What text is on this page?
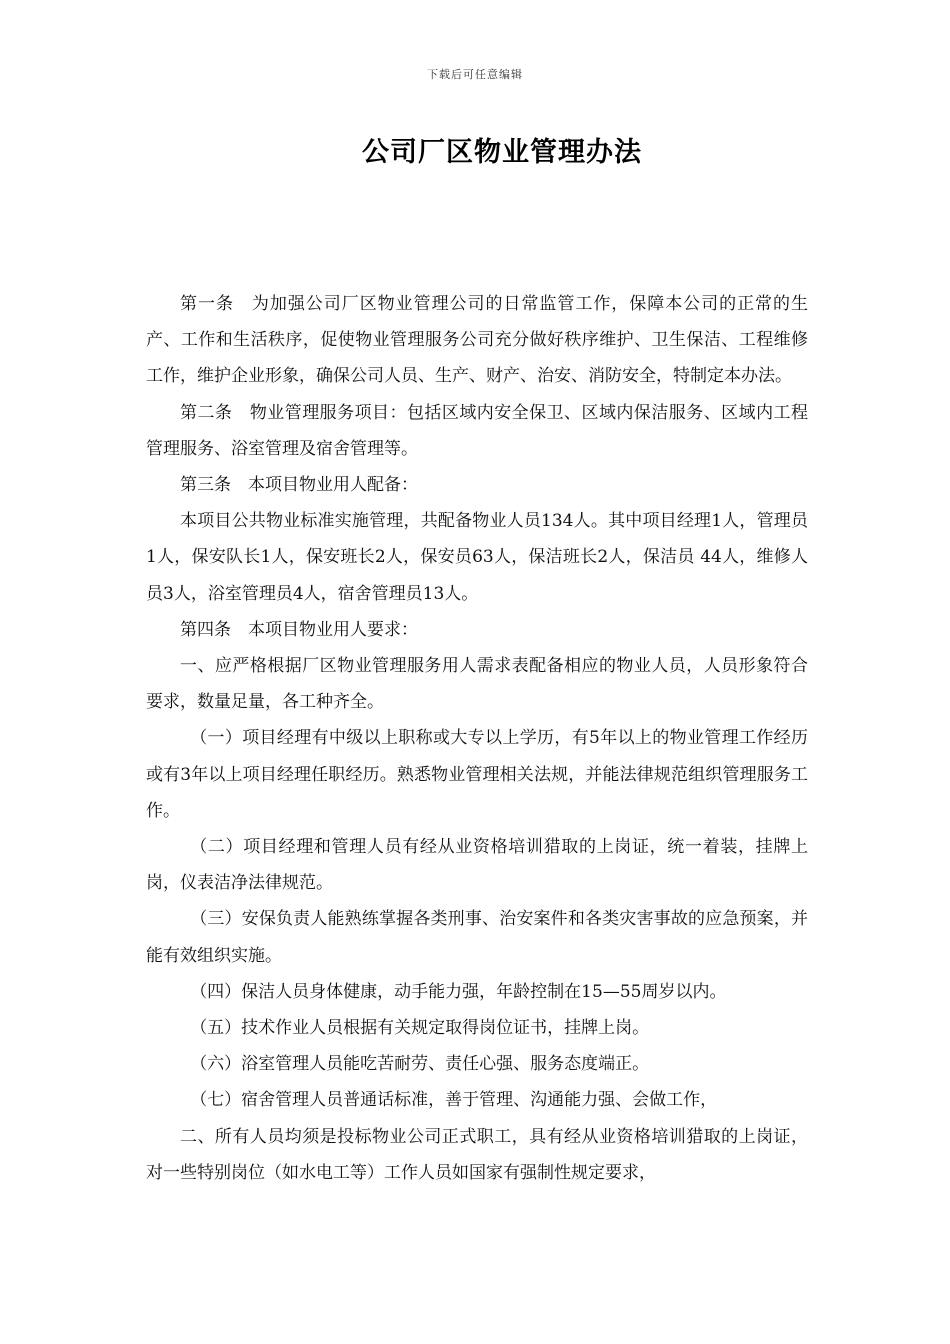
下载后可任意编辑
公司厂区物业管理办法

第一条　为加强公司厂区物业管理公司的日常监管工作，保障本公司的正常的生产、工作和生活秩序，促使物业管理服务公司充分做好秩序维护、卫生保洁、工程维修工作，维护企业形象，确保公司人员、生产、财产、治安、消防安全，特制定本办法。

第二条　物业管理服务项目：包括区域内安全保卫、区域内保洁服务、区域内工程管理服务、浴室管理及宿舍管理等。

第三条　本项目物业用人配备：

本项目公共物业标准实施管理，共配备物业人员134人。其中项目经理1人，管理员1人，保安队长1人，保安班长2人，保安员63人，保洁班长2人，保洁员 44人，维修人员3人，浴室管理员4人，宿舍管理员13人。

第四条　本项目物业用人要求：

一、应严格根据厂区物业管理服务用人需求表配备相应的物业人员，人员形象符合要求，数量足量，各工种齐全。

（一）项目经理有中级以上职称或大专以上学历，有5年以上的物业管理工作经历或有3年以上项目经理任职经历。熟悉物业管理相关法规，并能法律规范组织管理服务工作。

（二）项目经理和管理人员有经从业资格培训猎取的上岗证，统一着装，挂牌上岗，仪表洁净法律规范。

（三）安保负责人能熟练掌握各类刑事、治安案件和各类灾害事故的应急预案，并能有效组织实施。

（四）保洁人员身体健康，动手能力强，年龄控制在15—55周岁以内。

（五）技术作业人员根据有关规定取得岗位证书，挂牌上岗。

（六）浴室管理人员能吃苦耐劳、责任心强、服务态度端正。

（七）宿舍管理人员普通话标准，善于管理、沟通能力强、会做工作，

二、所有人员均须是投标物业公司正式职工，具有经从业资格培训猎取的上岗证，对一些特别岗位（如水电工等）工作人员如国家有强制性规定要求，
